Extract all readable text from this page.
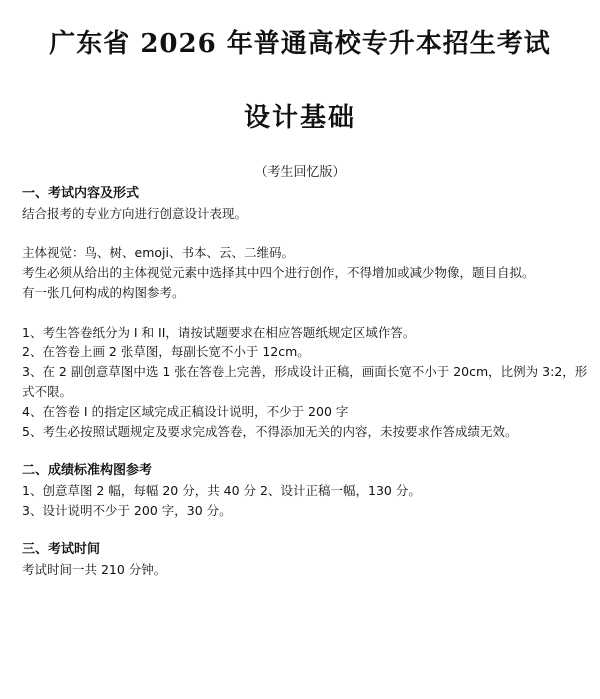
广东省 2026 年普通高校专升本招生考试
设计基础
（考生回忆版）

一、考试内容及形式

结合报考的专业方向进行创意设计表现。

主体视觉：鸟、树、emoji、书本、云、二维码。

考生必须从给出的主体视觉元素中选择其中四个进行创作，不得增加或减少物像，题目自拟。

有一张几何构成的构图参考。

1、考生答卷纸分为 I 和 II，请按试题要求在相应答题纸规定区域作答。

2、在答卷上画 2 张草图，每副长宽不小于 12cm。

3、在 2 副创意草图中选 1 张在答卷上完善，形成设计正稿，画面长宽不小于 20cm，比例为 3:2，形式不限。

4、在答卷 I 的指定区域完成正稿设计说明，不少于 200 字

5、考生必按照试题规定及要求完成答卷，不得添加无关的内容，未按要求作答成绩无效。

二、成绩标准构图参考

1、创意草图 2 幅，每幅 20 分，共 40 分 2、设计正稿一幅，130 分。

3、设计说明不少于 200 字，30 分。

三、考试时间

考试时间一共 210 分钟。
